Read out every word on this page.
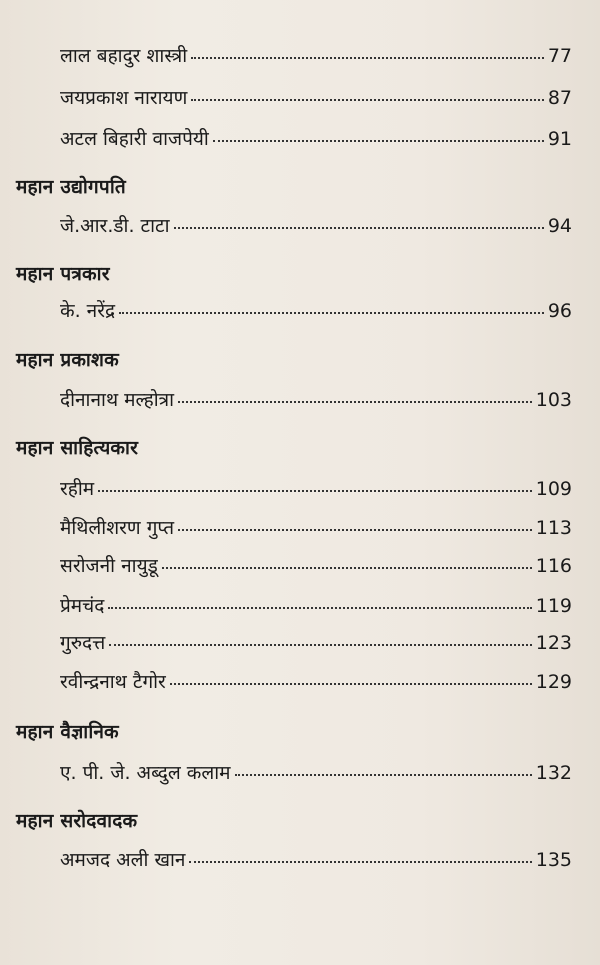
लाल बहादुर शास्त्री	77
जयप्रकाश नारायण	87
अटल बिहारी वाजपेयी	91
महान उद्योगपति
जे.आर.डी. टाटा	94
महान पत्रकार
के. नरेंद्र	96
महान प्रकाशक
दीनानाथ मल्होत्रा	103
महान साहित्यकार
रहीम	109
मैथिलीशरण गुप्त	113
सरोजनी नायुडू	116
प्रेमचंद	119
गुरुदत्त	123
रवीन्द्रनाथ टैगोर	129
महान वैज्ञानिक
ए. पी. जे. अब्दुल कलाम	132
महान सरोदवादक
अमजद अली खान	135
